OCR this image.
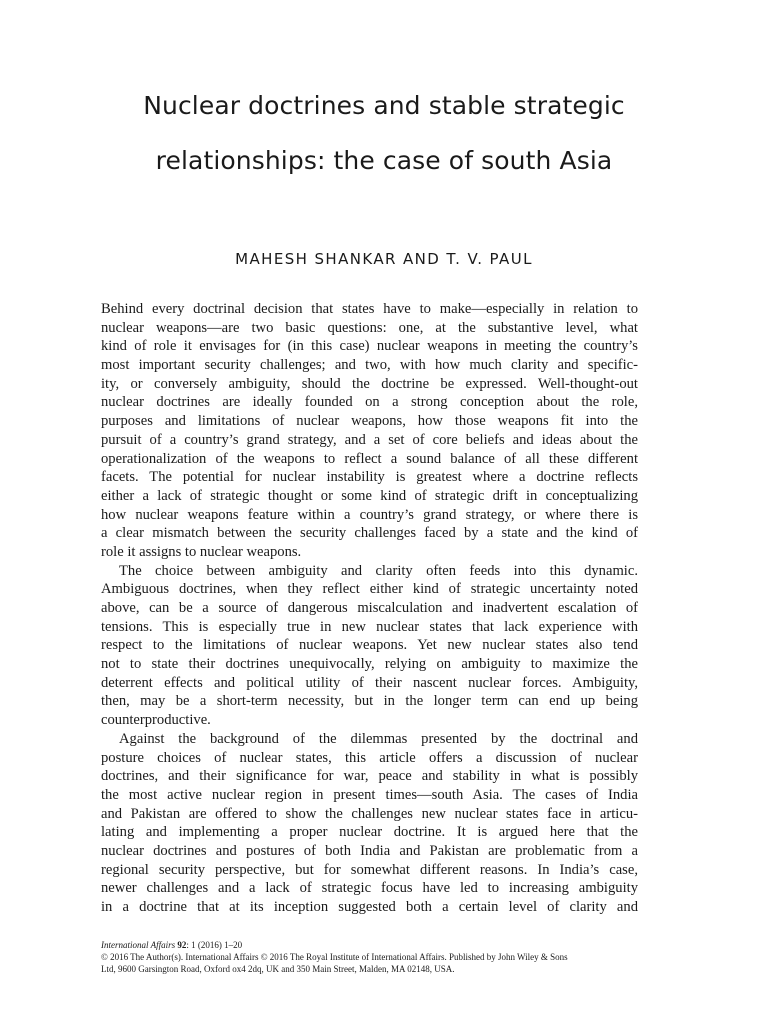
Nuclear doctrines and stable strategic
relationships: the case of south Asia
MAHESH SHANKAR AND T. V. PAUL
Behind every doctrinal decision that states have to make—especially in relation to
nuclear weapons—are two basic questions: one, at the substantive level, what
kind of role it envisages for (in this case) nuclear weapons in meeting the country’s
most important security challenges; and two, with how much clarity and specific-
ity, or conversely ambiguity, should the doctrine be expressed. Well-thought-out
nuclear doctrines are ideally founded on a strong conception about the role,
purposes and limitations of nuclear weapons, how those weapons fit into the
pursuit of a country’s grand strategy, and a set of core beliefs and ideas about the
operationalization of the weapons to reflect a sound balance of all these different
facets. The potential for nuclear instability is greatest where a doctrine reflects
either a lack of strategic thought or some kind of strategic drift in conceptualizing
how nuclear weapons feature within a country’s grand strategy, or where there is
a clear mismatch between the security challenges faced by a state and the kind of
role it assigns to nuclear weapons.
The choice between ambiguity and clarity often feeds into this dynamic.
Ambiguous doctrines, when they reflect either kind of strategic uncertainty noted
above, can be a source of dangerous miscalculation and inadvertent escalation of
tensions. This is especially true in new nuclear states that lack experience with
respect to the limitations of nuclear weapons. Yet new nuclear states also tend
not to state their doctrines unequivocally, relying on ambiguity to maximize the
deterrent effects and political utility of their nascent nuclear forces. Ambiguity,
then, may be a short-term necessity, but in the longer term can end up being
counterproductive.
Against the background of the dilemmas presented by the doctrinal and
posture choices of nuclear states, this article offers a discussion of nuclear
doctrines, and their significance for war, peace and stability in what is possibly
the most active nuclear region in present times—south Asia. The cases of India
and Pakistan are offered to show the challenges new nuclear states face in articu-
lating and implementing a proper nuclear doctrine. It is argued here that the
nuclear doctrines and postures of both India and Pakistan are problematic from a
regional security perspective, but for somewhat different reasons. In India’s case,
newer challenges and a lack of strategic focus have led to increasing ambiguity
in a doctrine that at its inception suggested both a certain level of clarity and
International Affairs 92: 1 (2016) 1–20
© 2016 The Author(s). International Affairs © 2016 The Royal Institute of International Affairs. Published by John Wiley & Sons
Ltd, 9600 Garsington Road, Oxford ox4 2dq, UK and 350 Main Street, Malden, MA 02148, USA.
